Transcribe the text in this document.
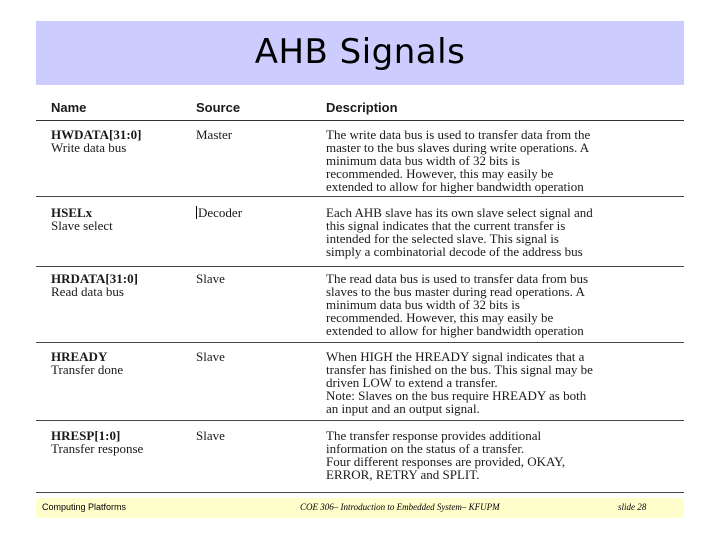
AHB Signals
Name	Source	Description
HWDATA[31:0]
Write data bus
Master	The write data bus is used to transfer data from the
master to the bus slaves during write operations. A
minimum data bus width of 32 bits is
recommended. However, this may easily be
extended to allow for higher bandwidth operation
HSELx
Slave select
Decoder	Each AHB slave has its own slave select signal and
this signal indicates that the current transfer is
intended for the selected slave. This signal is
simply a combinatorial decode of the address bus
HRDATA[31:0]
Read data bus
Slave	The read data bus is used to transfer data from bus
slaves to the bus master during read operations. A
minimum data bus width of 32 bits is
recommended. However, this may easily be
extended to allow for higher bandwidth operation
HREADY
Transfer done
Slave	When HIGH the HREADY signal indicates that a
transfer has finished on the bus. This signal may be
driven LOW to extend a transfer.
Note: Slaves on the bus require HREADY as both
an input and an output signal.
HRESP[1:0]
Transfer response
Slave	The transfer response provides additional
information on the status of a transfer.
Four different responses are provided, OKAY,
ERROR, RETRY and SPLIT.
Computing Platforms	COE 306– Introduction to Embedded System– KFUPM	slide 28
